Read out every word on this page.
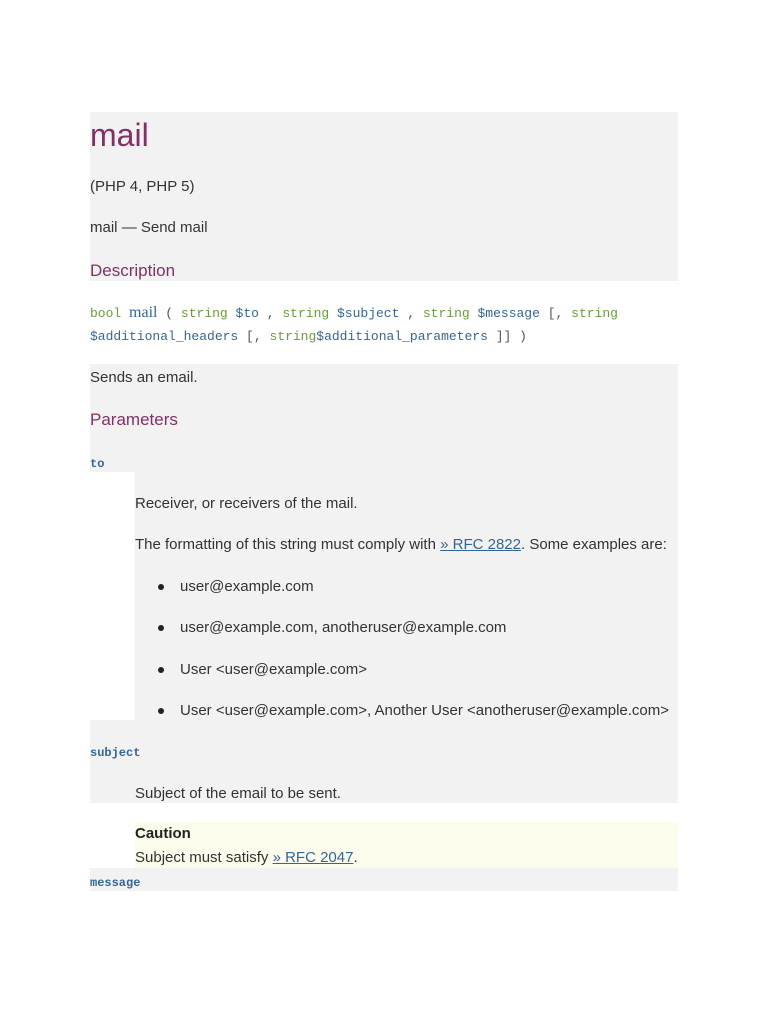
mail
(PHP 4, PHP 5)
mail — Send mail
Description
bool mail ( string $to , string $subject , string $message [, string
$additional_headers [, string$additional_parameters ]] )
Sends an email.
Parameters
to
Receiver, or receivers of the mail.
The formatting of this string must comply with » RFC 2822. Some examples are:
user@example.com
user@example.com, anotheruser@example.com
User <user@example.com>
User <user@example.com>, Another User <anotheruser@example.com>
subject
Subject of the email to be sent.
Caution
Subject must satisfy » RFC 2047.
message
